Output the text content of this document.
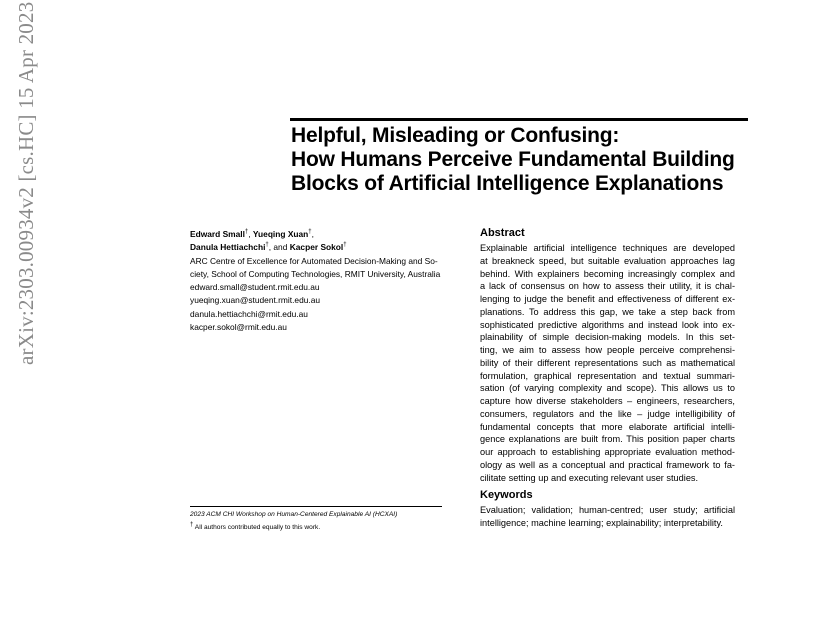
arXiv:2303.00934v2 [cs.HC] 15 Apr 2023	Helpful, Misleading or Confusing:
How Humans Perceive Fundamental Building
Blocks of Artificial Intelligence Explanations
Edward Small†, Yueqing Xuan†,
Danula Hettiachchi†, and Kacper Sokol†
ARC Centre of Excellence for Automated Decision-Making and So-
ciety, School of Computing Technologies, RMIT University, Australia
edward.small@student.rmit.edu.au
yueqing.xuan@student.rmit.edu.au
danula.hettiachchi@rmit.edu.au
kacper.sokol@rmit.edu.au
2023 ACM CHI Workshop on Human-Centered Explainable AI (HCXAI)
† All authors contributed equally to this work.
Abstract
Explainable artificial intelligence techniques are developed
at breakneck speed, but suitable evaluation approaches lag
behind. With explainers becoming increasingly complex and
a lack of consensus on how to assess their utility, it is chal-
lenging to judge the benefit and effectiveness of different ex-
planations. To address this gap, we take a step back from
sophisticated predictive algorithms and instead look into ex-
plainability of simple decision-making models. In this set-
ting, we aim to assess how people perceive comprehensi-
bility of their different representations such as mathematical
formulation, graphical representation and textual summari-
sation (of varying complexity and scope). This allows us to
capture how diverse stakeholders – engineers, researchers,
consumers, regulators and the like – judge intelligibility of
fundamental concepts that more elaborate artificial intelli-
gence explanations are built from. This position paper charts
our approach to establishing appropriate evaluation method-
ology as well as a conceptual and practical framework to fa-
cilitate setting up and executing relevant user studies.
Keywords
Evaluation; validation; human-centred; user study; artificial
intelligence; machine learning; explainability; interpretability.
